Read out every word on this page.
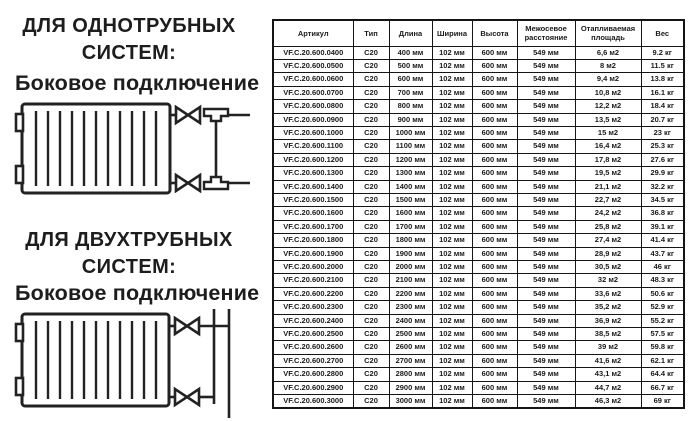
ДЛЯ ОДНОТРУБНЫХ
СИСТЕМ:
Боковое подключение
ДЛЯ ДВУХТРУБНЫХ
СИСТЕМ:
Боковое подключение
Артикул	Тип	Длина	Ширина	Высота	Межосевое расстояние	Отапливаемая площадь	Вес
VF.C.20.600.0400	C20	400 мм	102 мм	600 мм	549 мм	6,6 м2	9.2 кг
VF.C.20.600.0500	C20	500 мм	102 мм	600 мм	549 мм	8 м2	11.5 кг
VF.C.20.600.0600	C20	600 мм	102 мм	600 мм	549 мм	9,4 м2	13.8 кг
VF.C.20.600.0700	C20	700 мм	102 мм	600 мм	549 мм	10,8 м2	16.1 кг
VF.C.20.600.0800	C20	800 мм	102 мм	600 мм	549 мм	12,2 м2	18.4 кг
VF.C.20.600.0900	C20	900 мм	102 мм	600 мм	549 мм	13,5 м2	20.7 кг
VF.C.20.600.1000	C20	1000 мм	102 мм	600 мм	549 мм	15 м2	23 кг
VF.C.20.600.1100	C20	1100 мм	102 мм	600 мм	549 мм	16,4 м2	25.3 кг
VF.C.20.600.1200	C20	1200 мм	102 мм	600 мм	549 мм	17,8 м2	27.6 кг
VF.C.20.600.1300	C20	1300 мм	102 мм	600 мм	549 мм	19,5 м2	29.9 кг
VF.C.20.600.1400	C20	1400 мм	102 мм	600 мм	549 мм	21,1 м2	32.2 кг
VF.C.20.600.1500	C20	1500 мм	102 мм	600 мм	549 мм	22,7 м2	34.5 кг
VF.C.20.600.1600	C20	1600 мм	102 мм	600 мм	549 мм	24,2 м2	36.8 кг
VF.C.20.600.1700	C20	1700 мм	102 мм	600 мм	549 мм	25,8 м2	39.1 кг
VF.C.20.600.1800	C20	1800 мм	102 мм	600 мм	549 мм	27,4 м2	41.4 кг
VF.C.20.600.1900	C20	1900 мм	102 мм	600 мм	549 мм	28,9 м2	43.7 кг
VF.C.20.600.2000	C20	2000 мм	102 мм	600 мм	549 мм	30,5 м2	46 кг
VF.C.20.600.2100	C20	2100 мм	102 мм	600 мм	549 мм	32 м2	48.3 кг
VF.C.20.600.2200	C20	2200 мм	102 мм	600 мм	549 мм	33,6 м2	50.6 кг
VF.C.20.600.2300	C20	2300 мм	102 мм	600 мм	549 мм	35,2 м2	52.9 кг
VF.C.20.600.2400	C20	2400 мм	102 мм	600 мм	549 мм	36,9 м2	55.2 кг
VF.C.20.600.2500	C20	2500 мм	102 мм	600 мм	549 мм	38,5 м2	57.5 кг
VF.C.20.600.2600	C20	2600 мм	102 мм	600 мм	549 мм	39 м2	59.8 кг
VF.C.20.600.2700	C20	2700 мм	102 мм	600 мм	549 мм	41,6 м2	62.1 кг
VF.C.20.600.2800	C20	2800 мм	102 мм	600 мм	549 мм	43,1 м2	64.4 кг
VF.C.20.600.2900	C20	2900 мм	102 мм	600 мм	549 мм	44,7 м2	66.7 кг
VF.C.20.600.3000	C20	3000 мм	102 мм	600 мм	549 мм	46,3 м2	69 кг
